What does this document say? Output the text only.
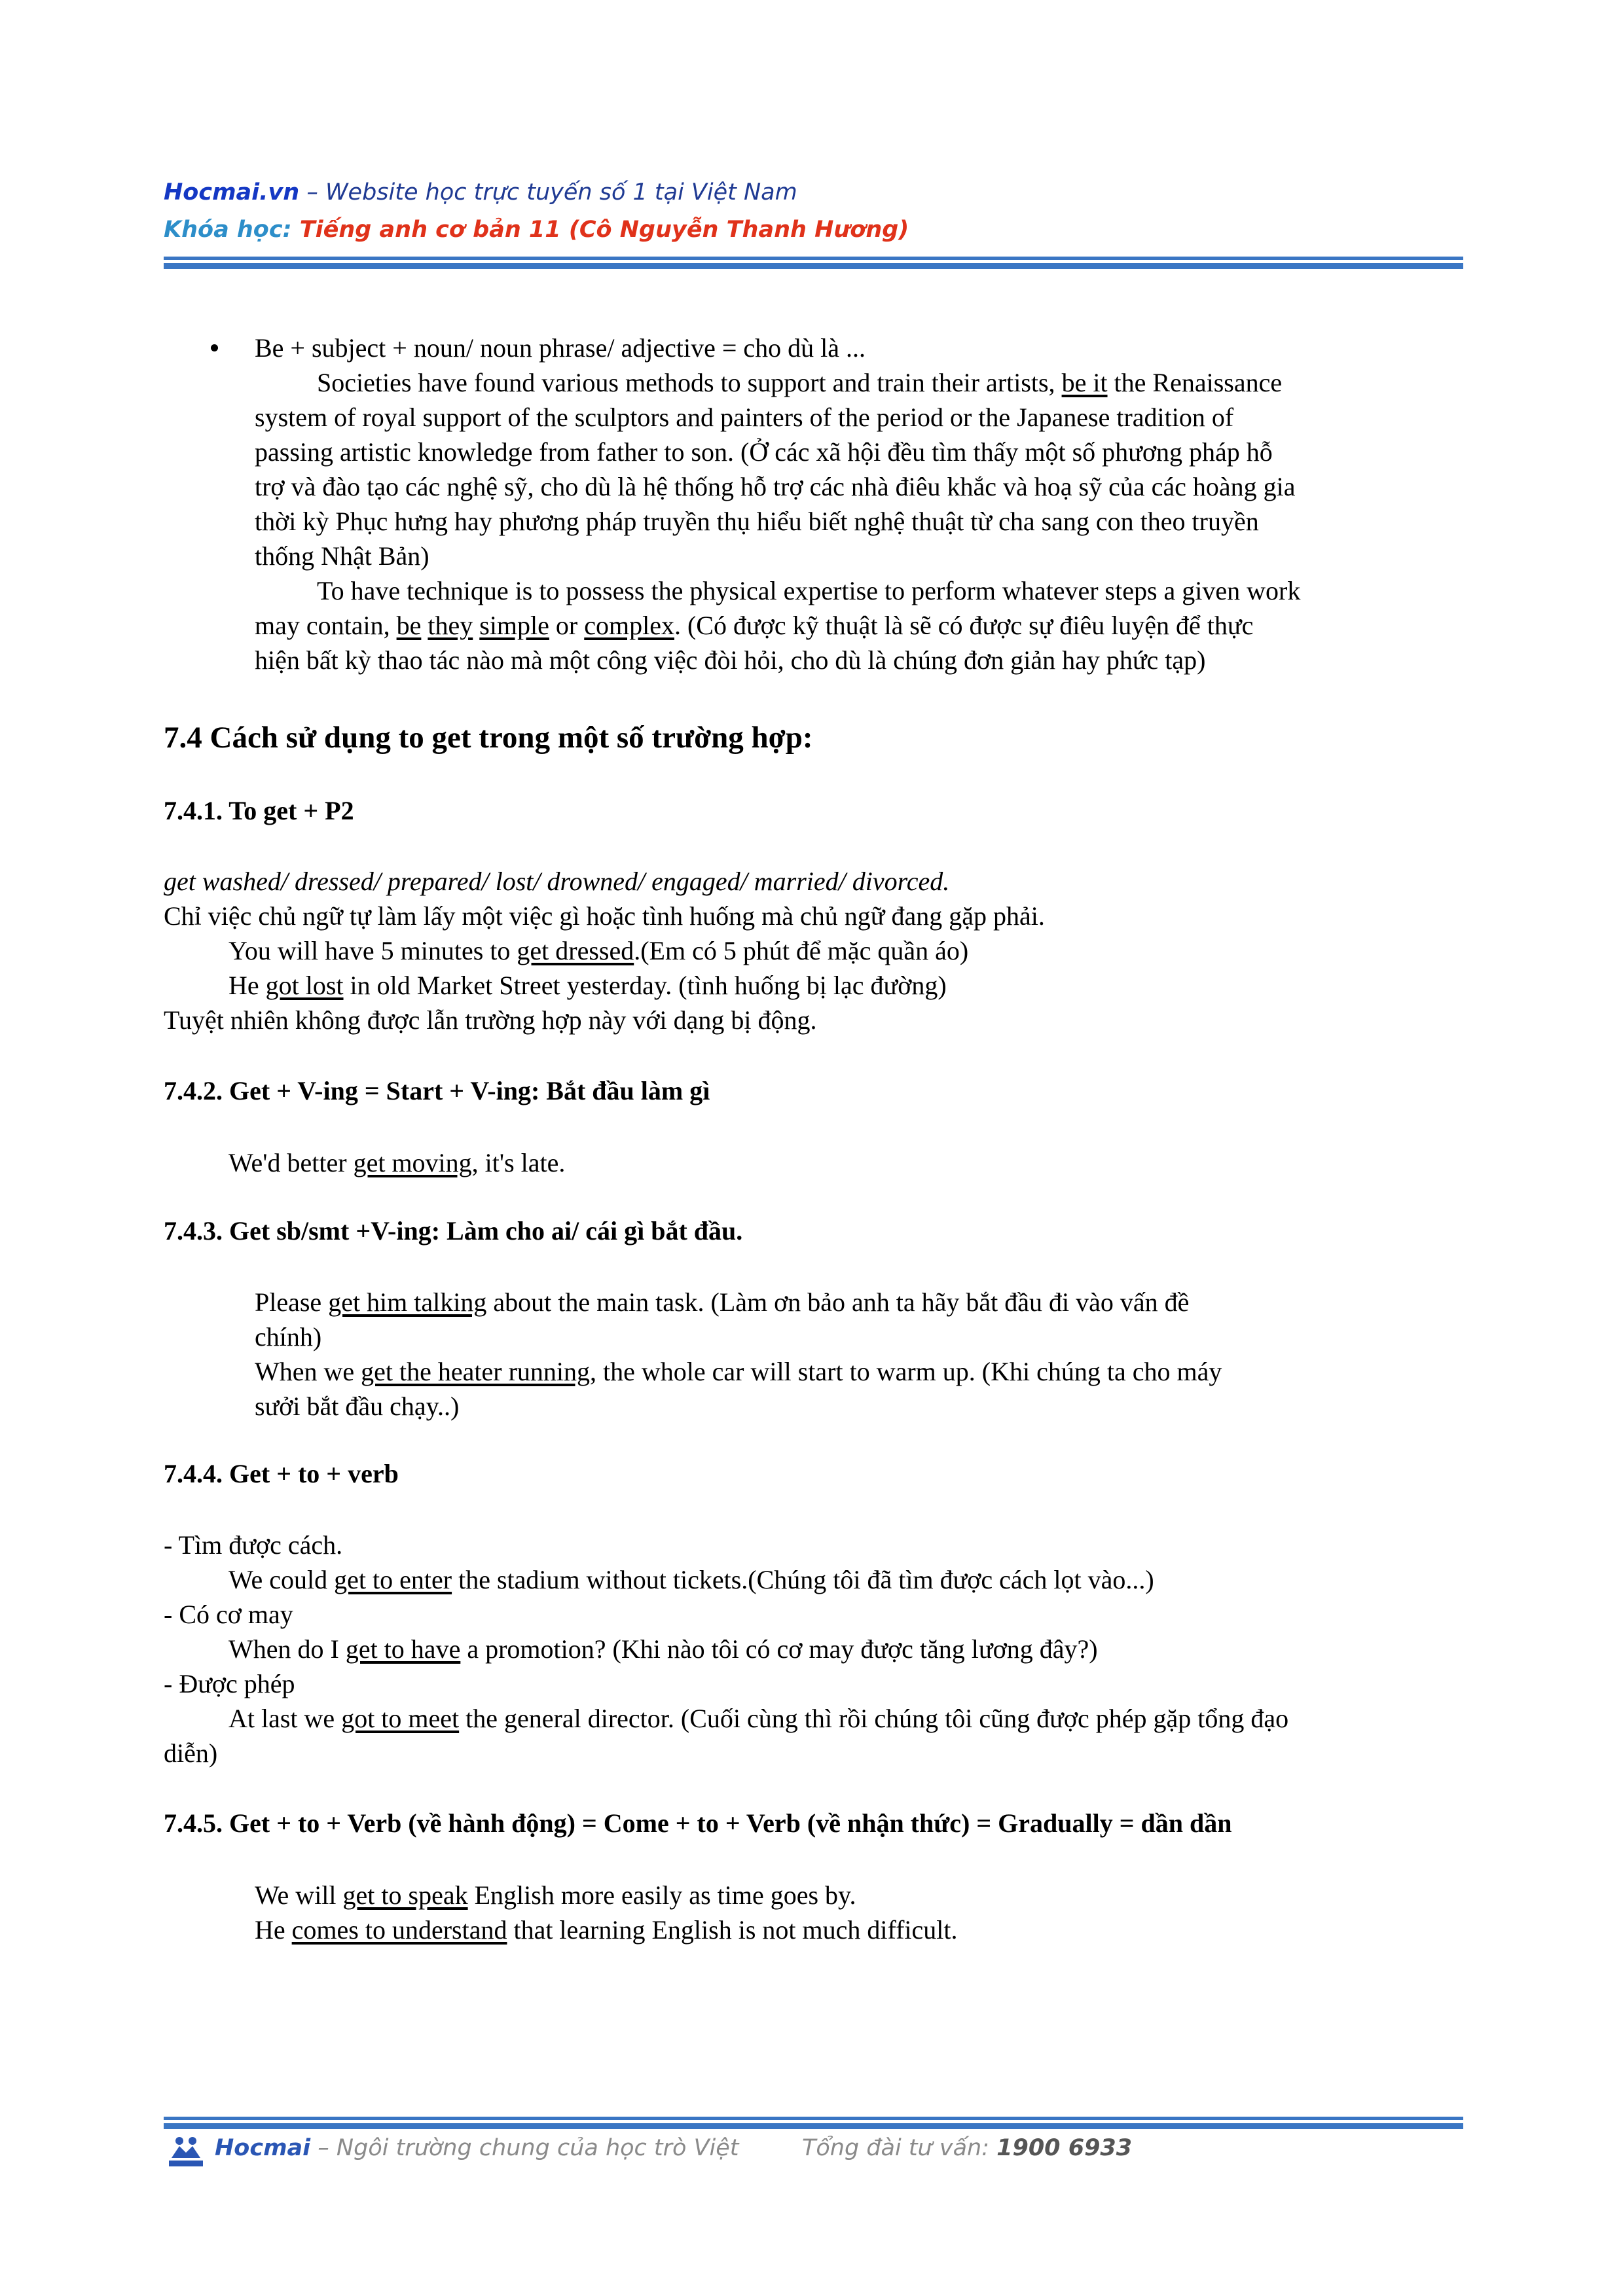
Hocmai.vn – Website học trực tuyến số 1 tại Việt Nam
Khóa học: Tiếng anh cơ bản 11 (Cô Nguyễn Thanh Hương)
Be + subject + noun/ noun phrase/ adjective = cho dù là ...
Societies have found various methods to support and train their artists, be it the Renaissance
system of royal support of the sculptors and painters of the period or the Japanese tradition of
passing artistic knowledge from father to son. (Ở các xã hội đều tìm thấy một số phương pháp hỗ
trợ và đào tạo các nghệ sỹ, cho dù là hệ thống hỗ trợ các nhà điêu khắc và hoạ sỹ của các hoàng gia
thời kỳ Phục hưng hay phương pháp truyền thụ hiểu biết nghệ thuật từ cha sang con theo truyền
thống Nhật Bản)
To have technique is to possess the physical expertise to perform whatever steps a given work
may contain, be they simple or complex. (Có được kỹ thuật là sẽ có được sự điêu luyện để thực
hiện bất kỳ thao tác nào mà một công việc đòi hỏi, cho dù là chúng đơn giản hay phức tạp)
7.4 Cách sử dụng to get trong một số trường hợp:
7.4.1. To get + P2
get washed/ dressed/ prepared/ lost/ drowned/ engaged/ married/ divorced.
Chỉ việc chủ ngữ tự làm lấy một việc gì hoặc tình huống mà chủ ngữ đang gặp phải.
You will have 5 minutes to get dressed.(Em có 5 phút để mặc quần áo)
He got lost in old Market Street yesterday. (tình huống bị lạc đường)
Tuyệt nhiên không được lẫn trường hợp này với dạng bị động.
7.4.2. Get + V-ing = Start + V-ing: Bắt đầu làm gì
We'd better get moving, it's late.
7.4.3. Get sb/smt +V-ing: Làm cho ai/ cái gì bắt đầu.
Please get him talking about the main task. (Làm ơn bảo anh ta hãy bắt đầu đi vào vấn đề
chính)
When we get the heater running, the whole car will start to warm up. (Khi chúng ta cho máy
sưởi bắt đầu chạy..)
7.4.4. Get + to + verb
- Tìm được cách.
We could get to enter the stadium without tickets.(Chúng tôi đã tìm được cách lọt vào...)
- Có cơ may
When do I get to have a promotion? (Khi nào tôi có cơ may được tăng lương đây?)
- Được phép
At last we got to meet the general director. (Cuối cùng thì rồi chúng tôi cũng được phép gặp tổng đạo
diễn)
7.4.5. Get + to + Verb (về hành động) = Come + to + Verb (về nhận thức) = Gradually = dần dần
We will get to speak English more easily as time goes by.
He comes to understand that learning English is not much difficult.
Hocmai – Ngôi trường chung của học trò Việt	Tổng đài tư vấn: 1900 6933
